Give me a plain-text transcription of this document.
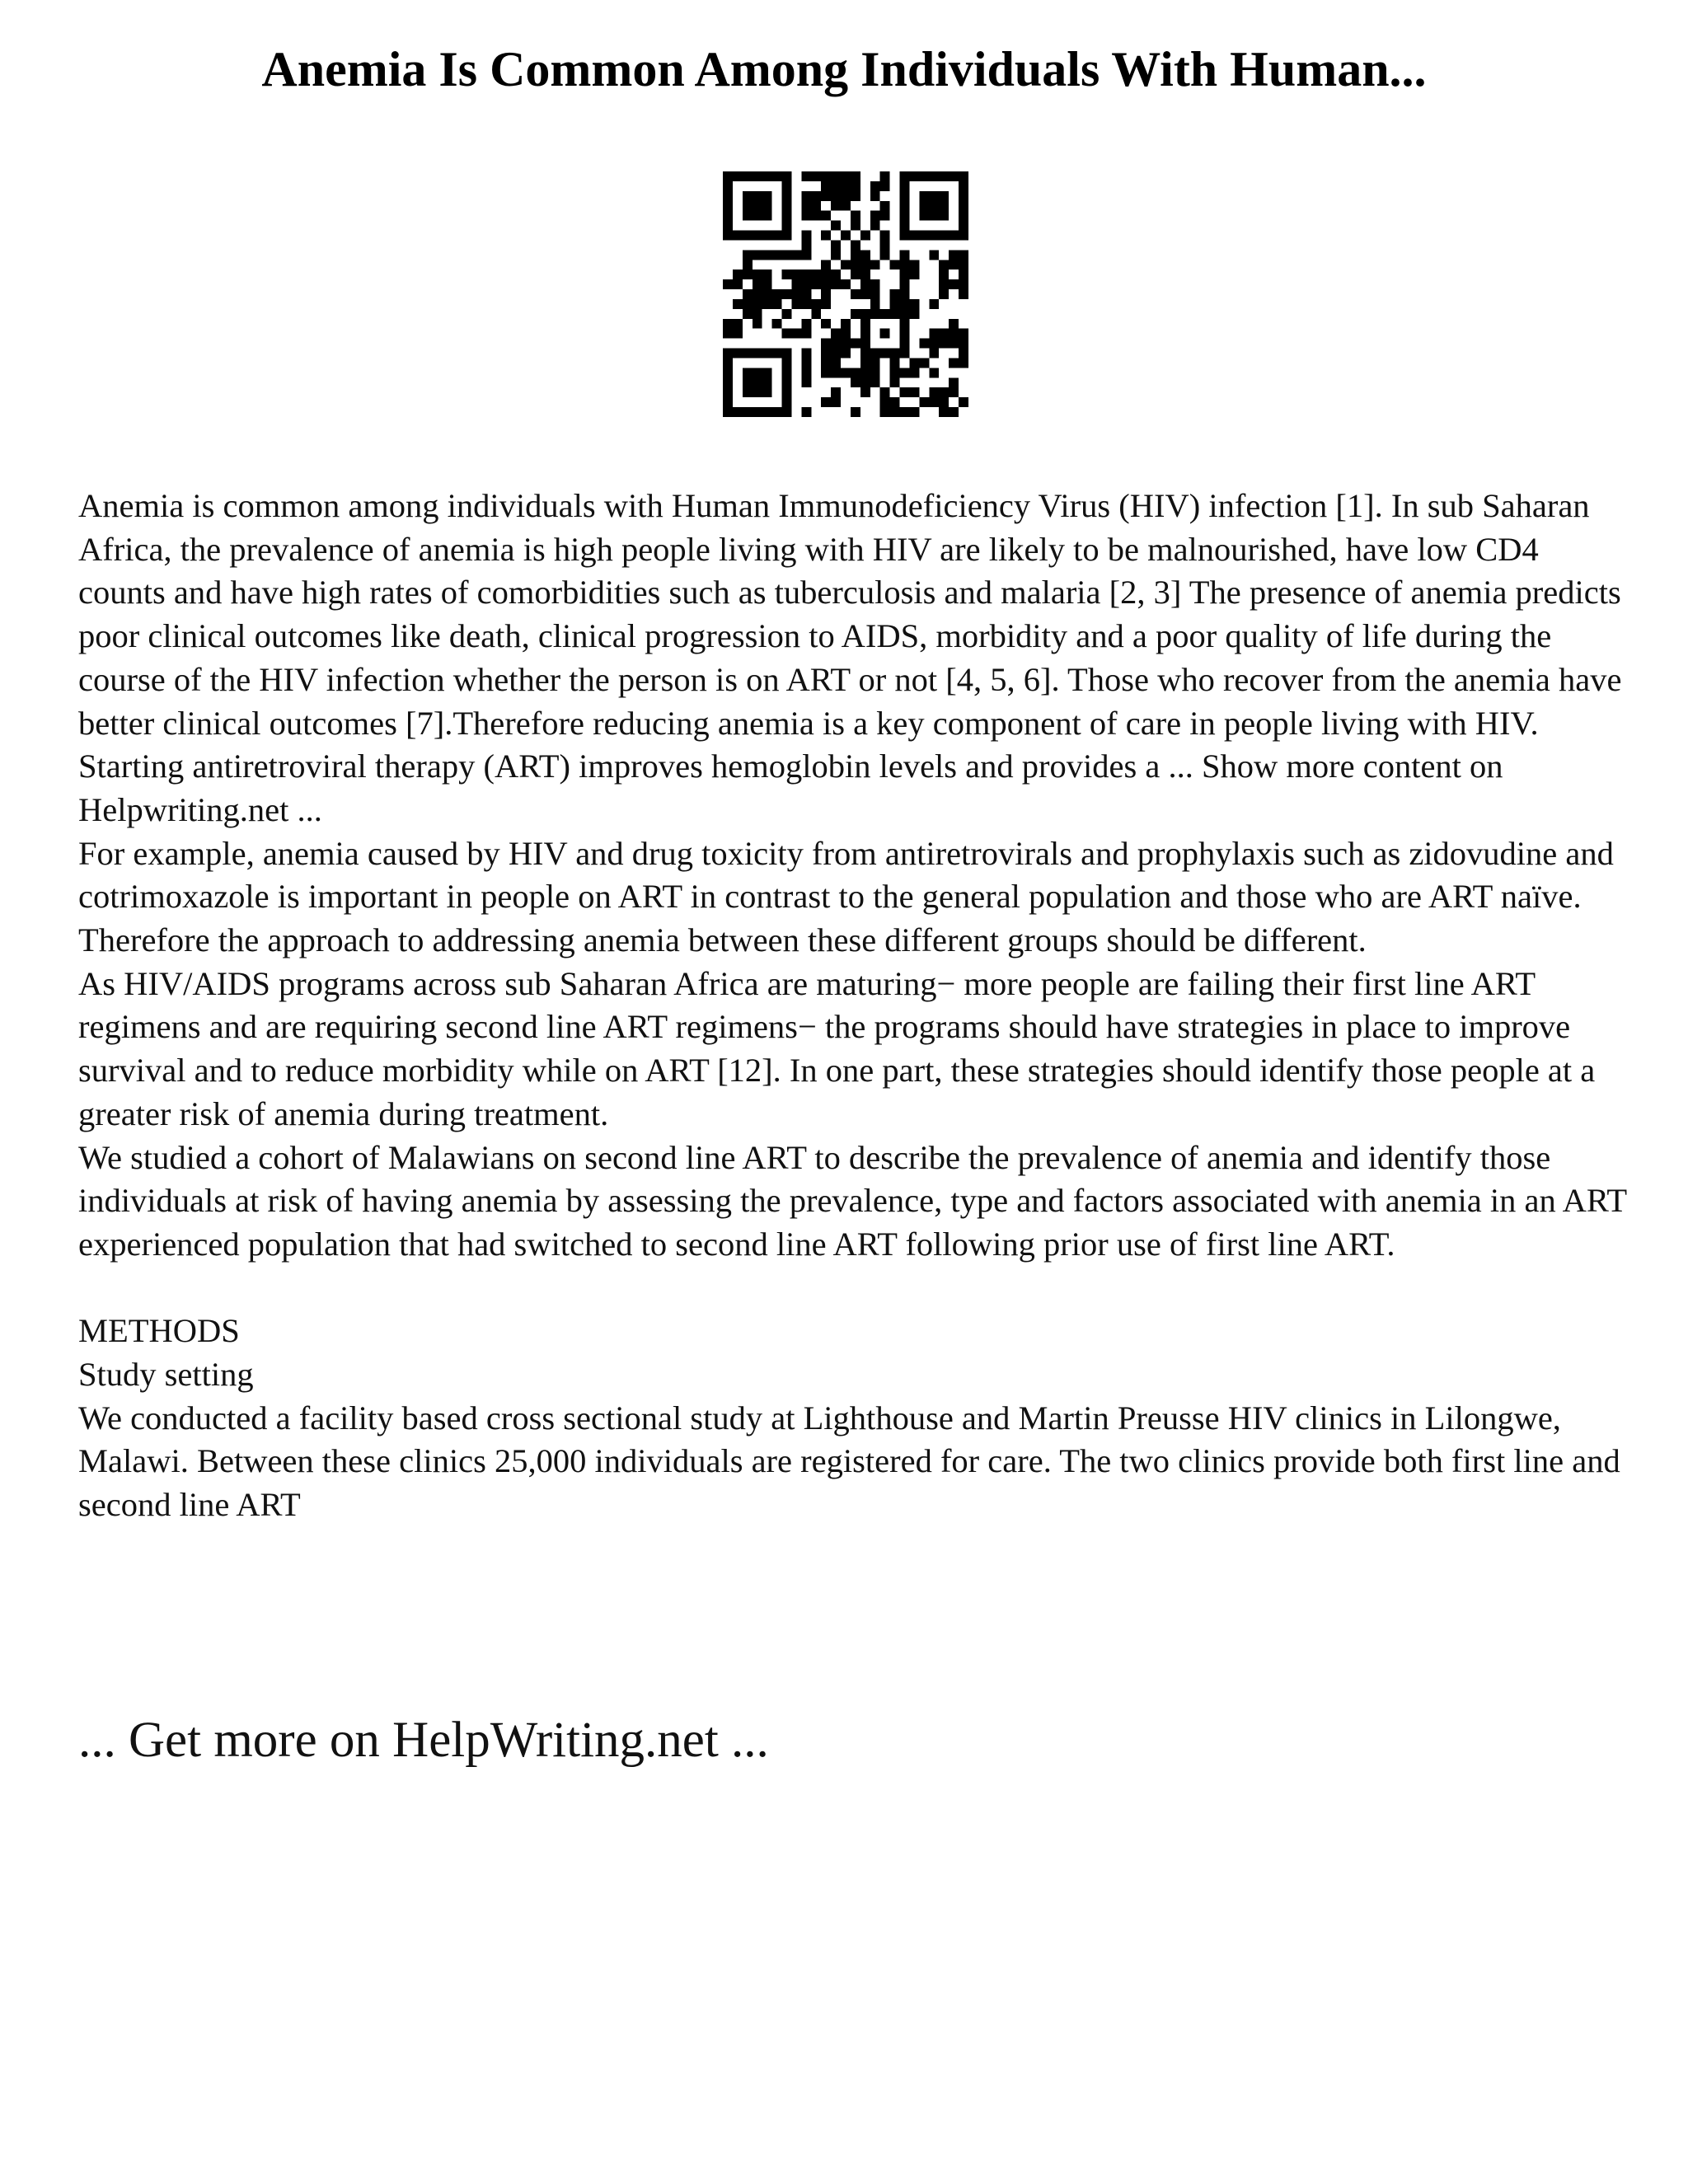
Anemia Is Common Among Individuals With Human...

Anemia is common among individuals with Human Immunodeficiency Virus (HIV) infection [1]. In sub Saharan Africa, the prevalence of anemia is high people living with HIV are likely to be malnourished, have low CD4 counts and have high rates of comorbidities such as tuberculosis and malaria [2, 3] The presence of anemia predicts poor clinical outcomes like death, clinical progression to AIDS, morbidity and a poor quality of life during the course of the HIV infection whether the person is on ART or not [4, 5, 6]. Those who recover from the anemia have better clinical outcomes [7].Therefore reducing anemia is a key component of care in people living with HIV.

Starting antiretroviral therapy (ART) improves hemoglobin levels and provides a ... Show more content on Helpwriting.net ...

For example, anemia caused by HIV and drug toxicity from antiretrovirals and prophylaxis such as zidovudine and cotrimoxazole is important in people on ART in contrast to the general population and those who are ART naïve. Therefore the approach to addressing anemia between these different groups should be different.

As HIV/AIDS programs across sub Saharan Africa are maturing− more people are failing their first line ART regimens and are requiring second line ART regimens− the programs should have strategies in place to improve survival and to reduce morbidity while on ART [12]. In one part, these strategies should identify those people at a greater risk of anemia during treatment.

We studied a cohort of Malawians on second line ART to describe the prevalence of anemia and identify those individuals at risk of having anemia by assessing the prevalence, type and factors associated with anemia in an ART experienced population that had switched to second line ART following prior use of first line ART.

METHODS

Study setting

We conducted a facility based cross sectional study at Lighthouse and Martin Preusse HIV clinics in Lilongwe, Malawi. Between these clinics 25,000 individuals are registered for care. The two clinics provide both first line and second line ART

... Get more on HelpWriting.net ...
